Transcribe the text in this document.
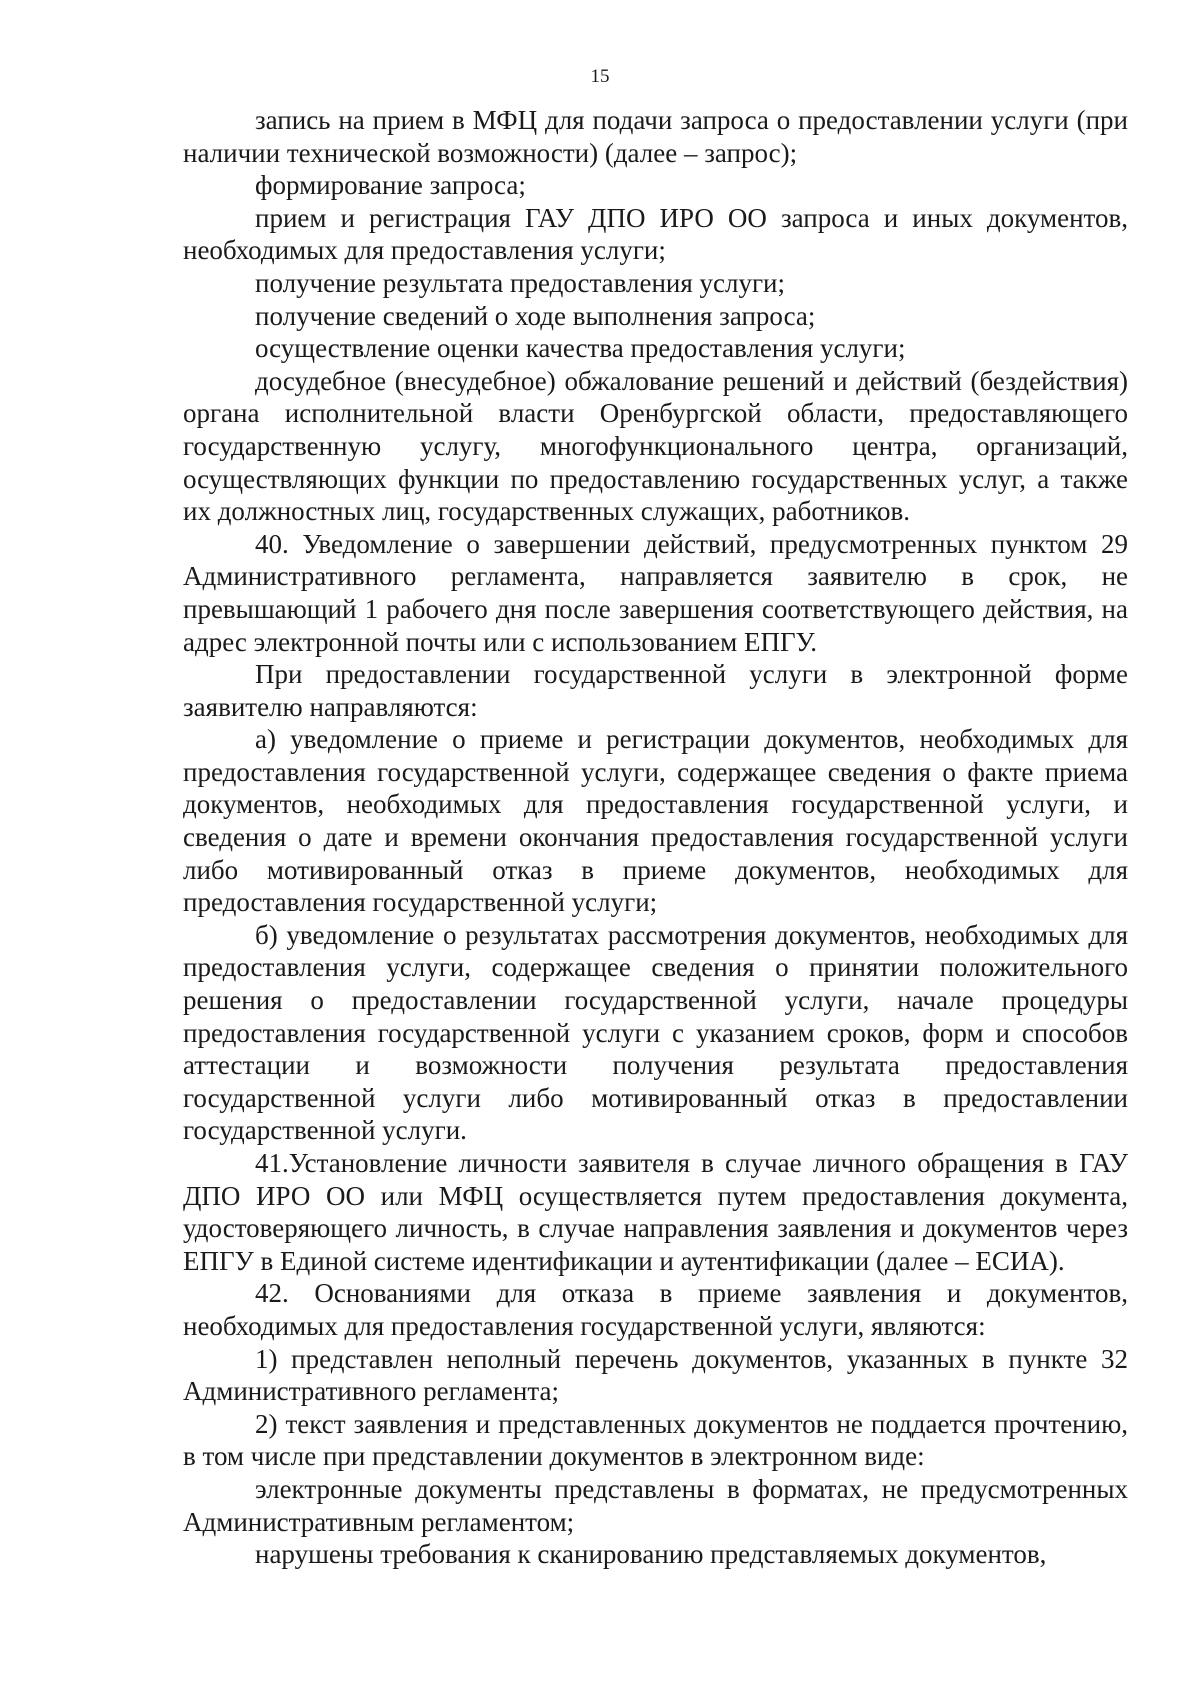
15

запись на прием в МФЦ для подачи запроса о предоставлении услуги (при наличии технической возможности) (далее – запрос);

формирование запроса;

прием и регистрация ГАУ ДПО ИРО ОО запроса и иных документов, необходимых для предоставления услуги;

получение результата предоставления услуги;

получение сведений о ходе выполнения запроса;

осуществление оценки качества предоставления услуги;

досудебное (внесудебное) обжалование решений и действий (бездействия) органа исполнительной власти Оренбургской области, предоставляющего государственную услугу, многофункционального центра, организаций, осуществляющих функции по предоставлению государственных услуг, а также их должностных лиц, государственных служащих, работников.

40. Уведомление о завершении действий, предусмотренных пунктом 29 Административного регламента, направляется заявителю в срок, не превышающий 1 рабочего дня после завершения соответствующего действия, на адрес электронной почты или с использованием ЕПГУ.

При предоставлении государственной услуги в электронной форме заявителю направляются:

а) уведомление о приеме и регистрации документов, необходимых для предоставления государственной услуги, содержащее сведения о факте приема документов, необходимых для предоставления государственной услуги, и сведения о дате и времени окончания предоставления государственной услуги либо мотивированный отказ в приеме документов, необходимых для предоставления государственной услуги;

б) уведомление о результатах рассмотрения документов, необходимых для предоставления услуги, содержащее сведения о принятии положительного решения о предоставлении государственной услуги, начале процедуры предоставления государственной услуги с указанием сроков, форм и способов аттестации и возможности получения результата предоставления государственной услуги либо мотивированный отказ в предоставлении государственной услуги.

41.Установление личности заявителя в случае личного обращения в ГАУ ДПО ИРО ОО или МФЦ осуществляется путем предоставления документа, удостоверяющего личность, в случае направления заявления и документов через ЕПГУ в Единой системе идентификации и аутентификации (далее – ЕСИА).

42. Основаниями для отказа в приеме заявления и документов, необходимых для предоставления государственной услуги, являются:

1) представлен неполный перечень документов, указанных в пункте 32 Административного регламента;

2) текст заявления и представленных документов не поддается прочтению, в том числе при представлении документов в электронном виде:

электронные документы представлены в форматах, не предусмотренных Административным регламентом;

нарушены требования к сканированию представляемых документов,
